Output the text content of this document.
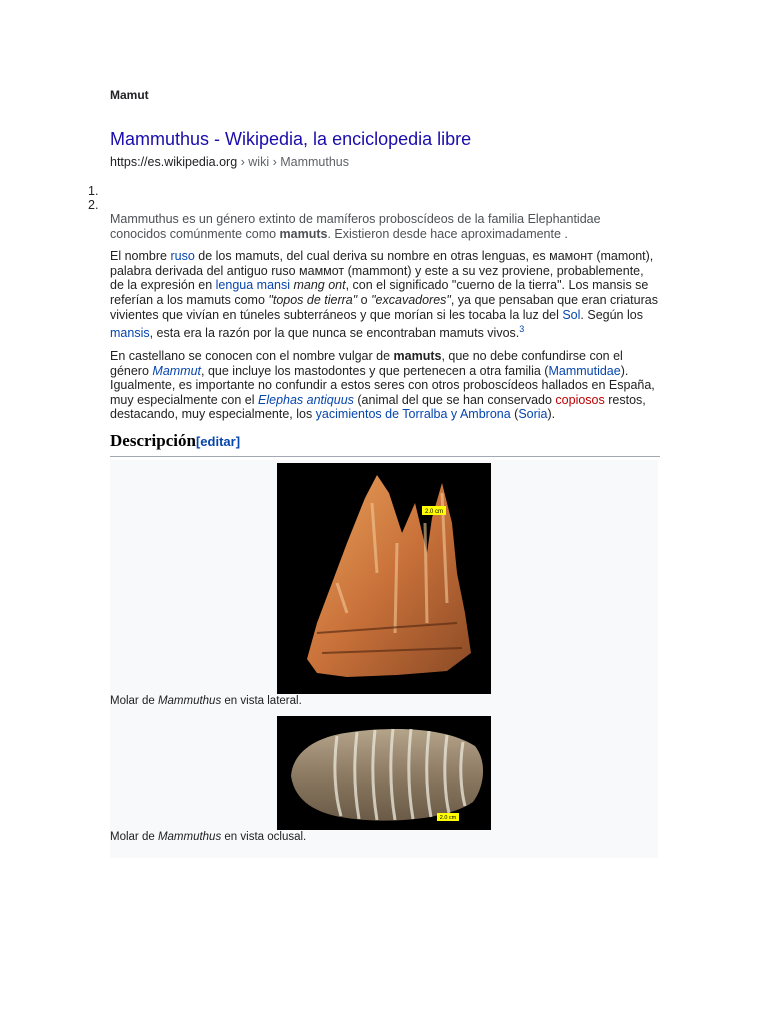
Mamut

Mammuthus - Wikipedia, la enciclopedia libre
https://es.wikipedia.org › wiki › Mammuthus
1.
2.

Mammuthus es un género extinto de mamíferos proboscídeos de la familia Elephantidae conocidos comúnmente como mamuts. Existieron desde hace aproximadamente .

El nombre ruso de los mamuts, del cual deriva su nombre en otras lenguas, es мамонт (mamont), palabra derivada del antiguo ruso маммот (mammont) y este a su vez proviene, probablemente, de la expresión en lengua mansi mang ont, con el significado "cuerno de la tierra". Los mansis se referían a los mamuts como "topos de tierra" o "excavadores", ya que pensaban que eran criaturas vivientes que vivían en túneles subterráneos y que morían si les tocaba la luz del Sol. Según los mansis, esta era la razón por la que nunca se encontraban mamuts vivos.$^3$

En castellano se conocen con el nombre vulgar de mamuts, que no debe confundirse con el género Mammut, que incluye los mastodontes y que pertenecen a otra familia (Mammutidae). Igualmente, es importante no confundir a estos seres con otros proboscídeos hallados en España, muy especialmente con el Elephas antiquus (animal del que se han conservado copiosos restos, destacando, muy especialmente, los yacimientos de Torralba y Ambrona (Soria).

Descripción[editar]
2.0 cm

Molar de Mammuthus en vista lateral.

2.0 cm

Molar de Mammuthus en vista oclusal.
